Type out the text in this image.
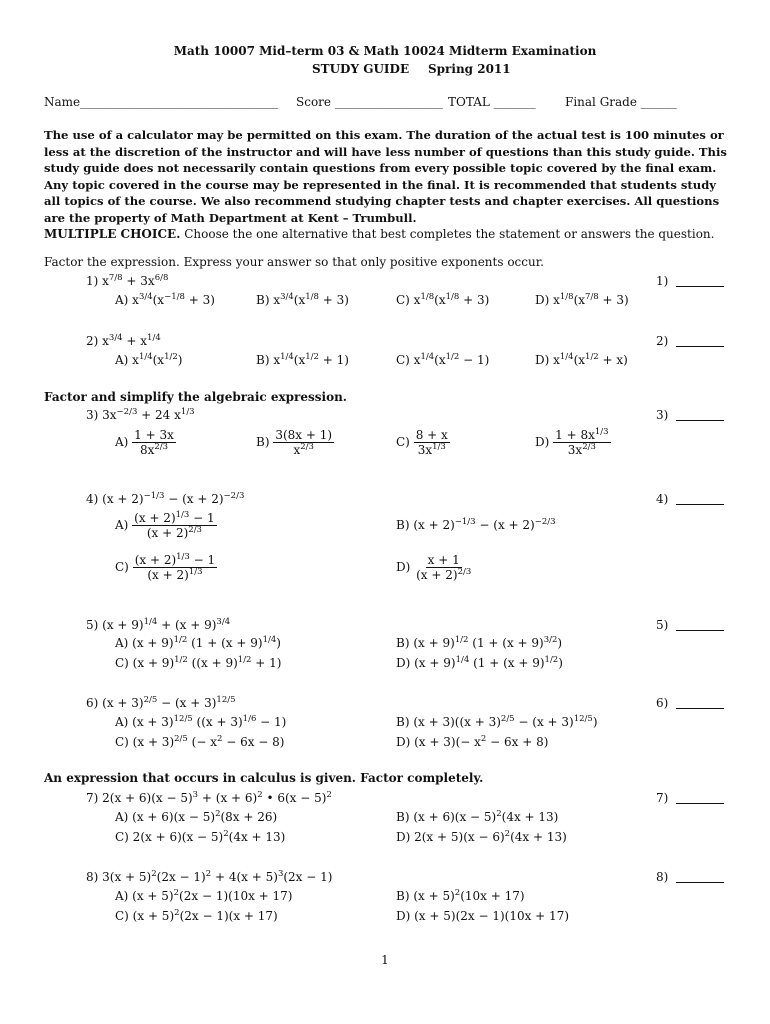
Math 10007 Mid–term 03 & Math 10024 Midterm Examination
STUDY GUIDE Spring 2011
Name_________________________________ Score __________________ TOTAL _______ Final Grade ______
The use of a calculator may be permitted on this exam. The duration of the actual test is 100 minutes or less at the discretion of the instructor and will have less number of questions than this study guide. This study guide does not necessarily contain questions from every possible topic covered by the final exam. Any topic covered in the course may be represented in the final. It is recommended that students study all topics of the course. We also recommend studying chapter tests and chapter exercises. All questions are the property of Math Department at Kent – Trumbull.
MULTIPLE CHOICE. Choose the one alternative that best completes the statement or answers the question.
Factor the expression. Express your answer so that only positive exponents occur.
1) $x^{7/8} + 3x^{6/8}$	1)
A) $x^{3/4}(x^{-1/8} + 3)$	B) $x^{3/4}(x^{1/8} + 3)$	C) $x^{1/8}(x^{1/8} + 3)$	D) $x^{1/8}(x^{7/8} + 3)$
2) $x^{3/4} + x^{1/4}$	2)
A) $x^{1/4}(x^{1/2})$	B) $x^{1/4}(x^{1/2} + 1)$	C) $x^{1/4}(x^{1/2} - 1)$	D) $x^{1/4}(x^{1/2} + x)$
Factor and simplify the algebraic expression.
3) $3x^{-2/3} + 24$ $x^{1/3}$	3)
$A) \frac{1 + 3x}{8x^{2/3}}$	$B) \frac{3(8x + 1)}{x^{2/3}}$	$C) \frac{8 + x}{3x^{1/3}}$	$D) \frac{1 + 8x^{1/3}}{3x^{2/3}}$
4) $(x + 2)^{-1/3} - (x + 2)^{-2/3}$	4)
$A) \frac{(x + 2)^{1/3} - 1}{(x + 2)^{2/3}}$	B) $(x + 2)^{-1/3} - (x + 2)^{-2/3}$
$C) \frac{(x + 2)^{1/3} - 1}{(x + 2)^{1/3}}$	$D) \frac{x + 1}{(x + 2)^{2/3}}$
5) $(x + 9)^{1/4} + (x + 9)^{3/4}$	5)
A) $(x + 9)^{1/2}$ $(1 + (x + 9)^{1/4})$	B) $(x + 9)^{1/2}$ $(1 + (x + 9)^{3/2})$
C) $(x + 9)^{1/2}$ $((x + 9)^{1/2} + 1)$	D) $(x + 9)^{1/4}$ $(1 + (x + 9)^{1/2})$
6) $(x + 3)^{2/5} - (x + 3)^{12/5}$	6)
A) $(x + 3)^{12/5}$ $((x + 3)^{1/6} - 1)$	B) $(x + 3)((x + 3)^{2/5} - (x + 3)^{12/5})$
C) $(x + 3)^{2/5}$ (− $x^2 - 6x - 8$)	D) $(x + 3)(- x^2 - 6x + 8)$
An expression that occurs in calculus is given. Factor completely.
7) $2(x + 6)(x - 5)^3 + (x + 6)^2$ • $6(x - 5)^2$	7)
A) $(x + 6)(x - 5)^2(8x + 26)$	B) $(x + 6)(x - 5)^2(4x + 13)$
C) $2(x + 6)(x - 5)^2(4x + 13)$	D) $2(x + 5)(x - 6)^2(4x + 13)$
8) $3(x + 5)^2(2x - 1)^2 + 4(x + 5)^3(2x - 1)$	8)
A) $(x + 5)^2(2x - 1)(10x + 17)$	B) $(x + 5)^2(10x + 17)$
C) $(x + 5)^2(2x - 1)(x + 17)$	D) (x + 5)(2x − 1)(10x + 17)
1
